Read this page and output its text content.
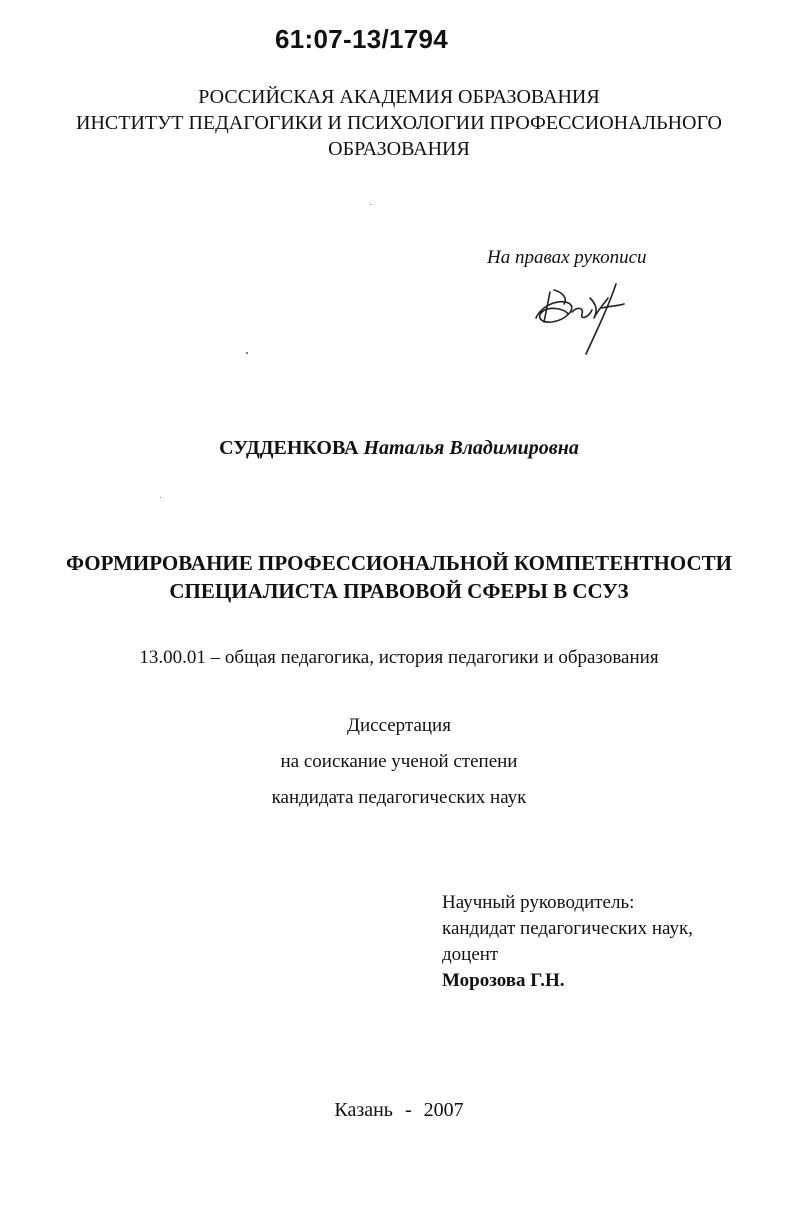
61:07-13/1794
РОССИЙСКАЯ АКАДЕМИЯ ОБРАЗОВАНИЯ
ИНСТИТУТ ПЕДАГОГИКИ И ПСИХОЛОГИИ ПРОФЕССИОНАЛЬНОГО
ОБРАЗОВАНИЯ
На правах рукописи
СУДДЕНКОВА Наталья Владимировна
ФОРМИРОВАНИЕ ПРОФЕССИОНАЛЬНОЙ КОМПЕТЕНТНОСТИ
СПЕЦИАЛИСТА ПРАВОВОЙ СФЕРЫ В ССУЗ
13.00.01 – общая педагогика, история педагогики и образования
Диссертация
на соискание ученой степени
кандидата педагогических наук
Научный руководитель:
кандидат педагогических наук,
доцент
Морозова Г.Н.
Казань - 2007
